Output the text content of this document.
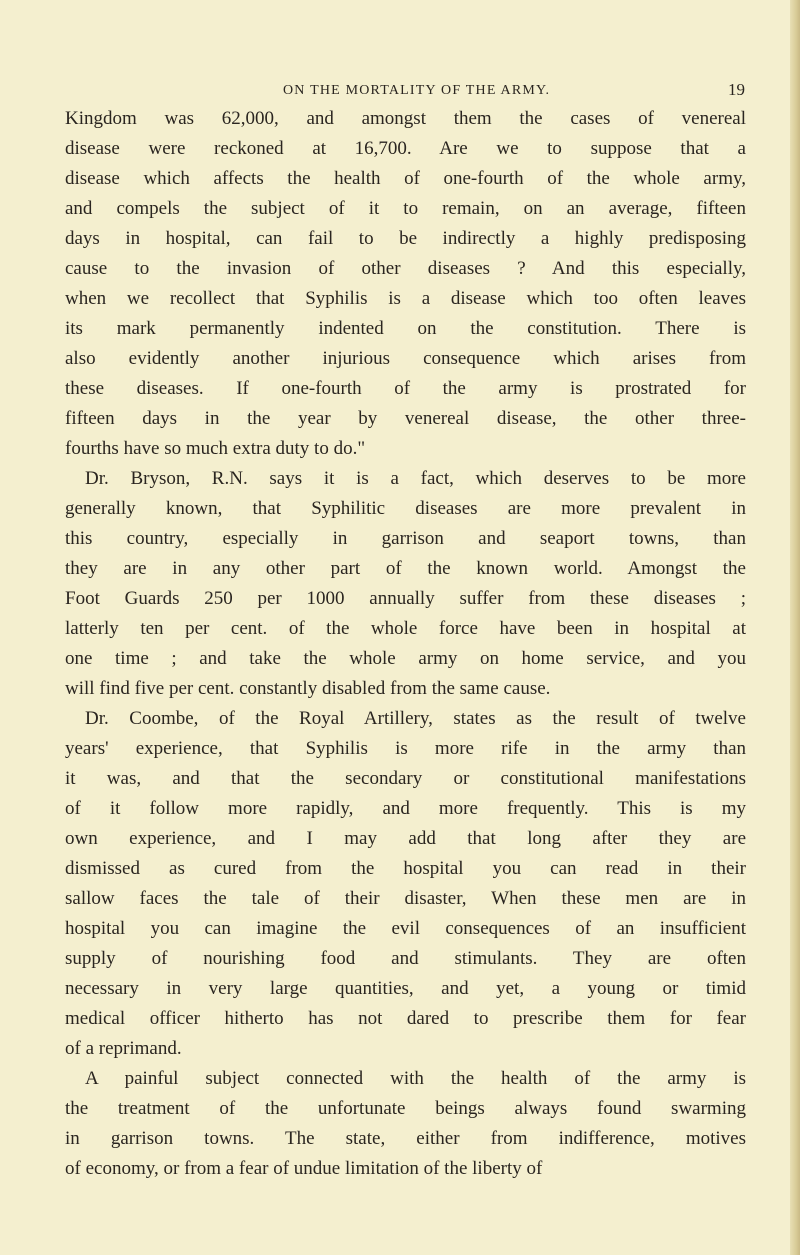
ON THE MORTALITY OF THE ARMY.	19
Kingdom was 62,000, and amongst them the cases of venereal
disease were reckoned at 16,700. Are we to suppose that a
disease which affects the health of one-fourth of the whole army,
and compels the subject of it to remain, on an average, fifteen
days in hospital, can fail to be indirectly a highly predisposing
cause to the invasion of other diseases ? And this especially,
when we recollect that Syphilis is a disease which too often leaves
its mark permanently indented on the constitution. There is
also evidently another injurious consequence which arises from
these diseases. If one-fourth of the army is prostrated for
fifteen days in the year by venereal disease, the other three-
fourths have so much extra duty to do."
Dr. Bryson, R.N. says it is a fact, which deserves to be more
generally known, that Syphilitic diseases are more prevalent in
this country, especially in garrison and seaport towns, than
they are in any other part of the known world. Amongst the
Foot Guards 250 per 1000 annually suffer from these diseases ;
latterly ten per cent. of the whole force have been in hospital at
one time ; and take the whole army on home service, and you
will find five per cent. constantly disabled from the same cause.
Dr. Coombe, of the Royal Artillery, states as the result of twelve
years' experience, that Syphilis is more rife in the army than
it was, and that the secondary or constitutional manifestations
of it follow more rapidly, and more frequently. This is my
own experience, and I may add that long after they are
dismissed as cured from the hospital you can read in their
sallow faces the tale of their disaster, When these men are in
hospital you can imagine the evil consequences of an insufficient
supply of nourishing food and stimulants. They are often
necessary in very large quantities, and yet, a young or timid
medical officer hitherto has not dared to prescribe them for fear
of a reprimand.
A painful subject connected with the health of the army is
the treatment of the unfortunate beings always found swarming
in garrison towns. The state, either from indifference, motives
of economy, or from a fear of undue limitation of the liberty of
